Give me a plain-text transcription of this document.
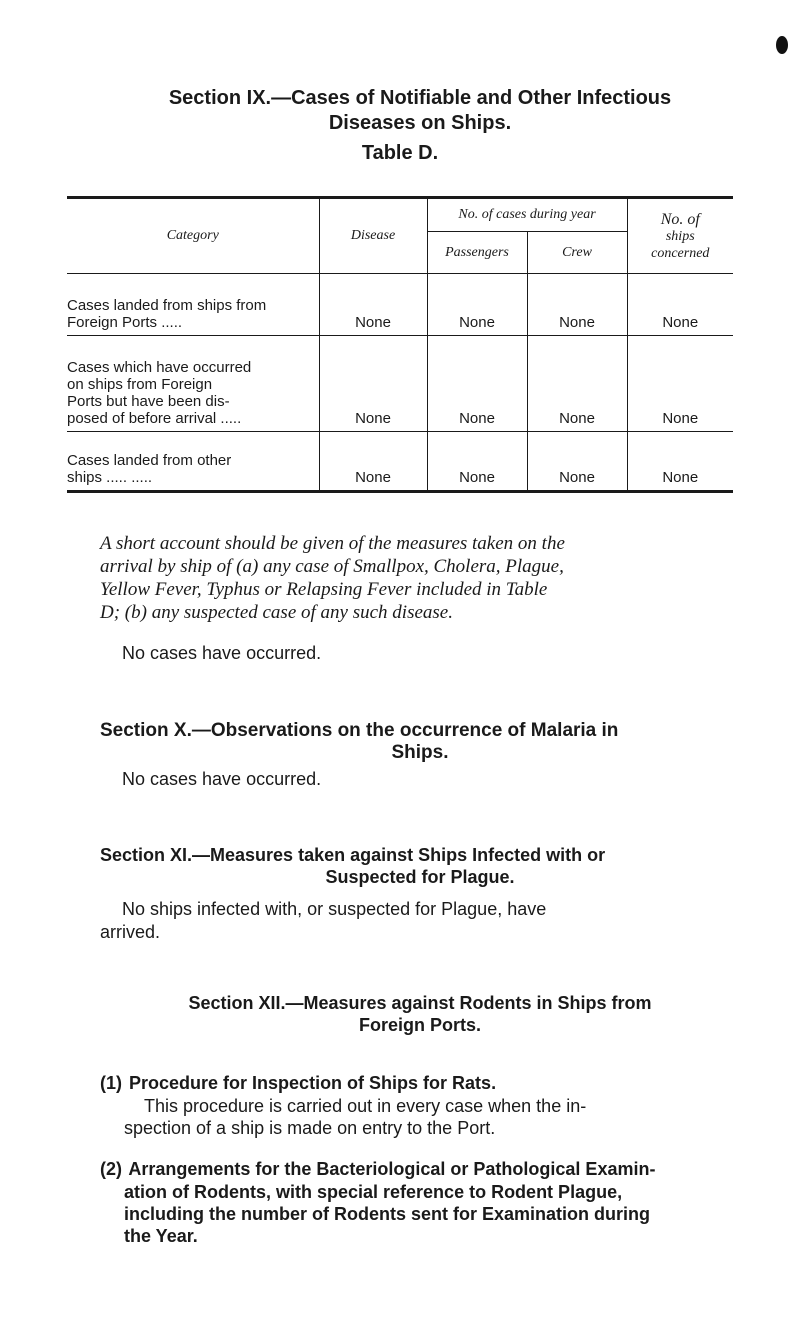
Section IX.—Cases of Notifiable and Other Infectious
Diseases on Ships.
Table D.
Category	Disease	No. of cases during year		No. of
ships
concerned

		Passengers	Crew	

Cases landed from ships from
Foreign Ports .....	None	None	None	None

Cases which have occurred
on ships from Foreign
Ports but have been dis-
posed of before arrival .....	None	None	None	None

Cases landed from other
ships ..... .....	None	None	None	None
A short account should be given of the measures taken on the
arrival by ship of (a) any case of Smallpox, Cholera, Plague,
Yellow Fever, Typhus or Relapsing Fever included in Table
D; (b) any suspected case of any such disease.
No cases have occurred.
Section X.—Observations on the occurrence of Malaria in
Ships.
No cases have occurred.
Section XI.—Measures taken against Ships Infected with or
Suspected for Plague.
No ships infected with, or suspected for Plague, have
arrived.
Section XII.—Measures against Rodents in Ships from
Foreign Ports.
(1) Procedure for Inspection of Ships for Rats.
This procedure is carried out in every case when the in-
spection of a ship is made on entry to the Port.
(2) Arrangements for the Bacteriological or Pathological Examin-
ation of Rodents, with special reference to Rodent Plague,
including the number of Rodents sent for Examination during
the Year.
